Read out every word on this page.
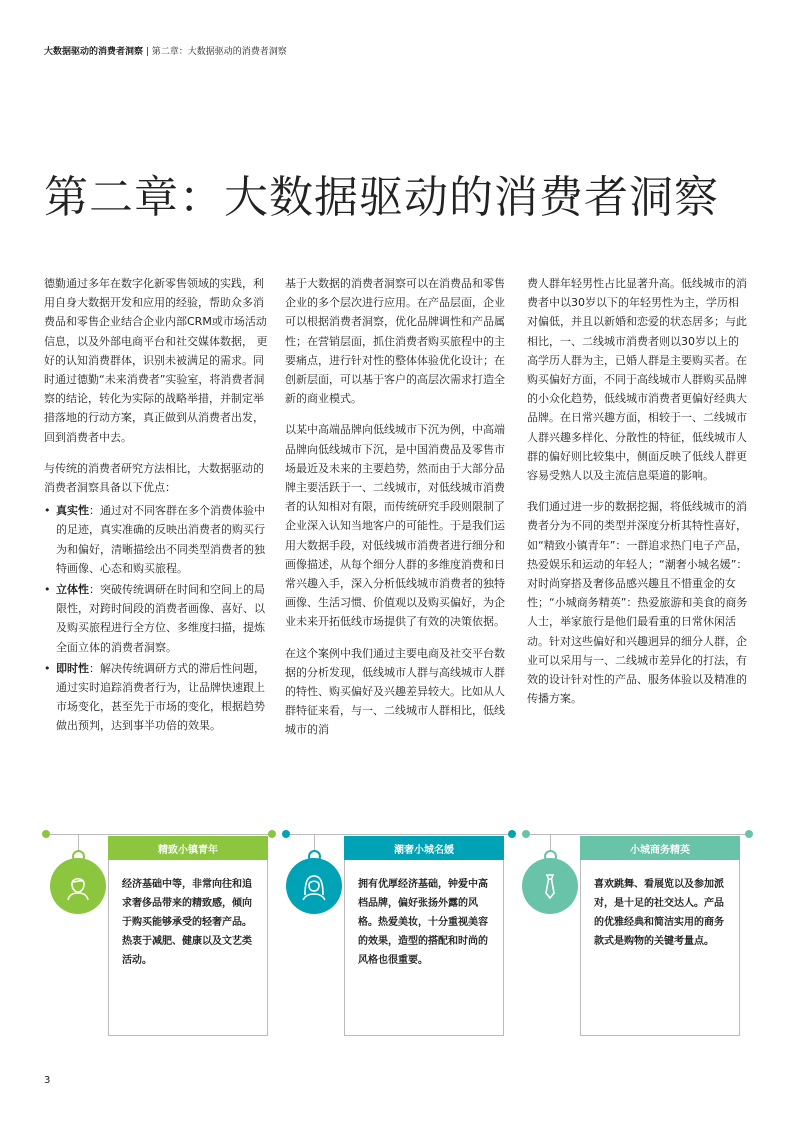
大数据驱动的消费者洞察 | 第二章：大数据驱动的消费者洞察
第二章：大数据驱动的消费者洞察

德勤通过多年在数字化新零售领域的实践，利用自身大数据开发和应用的经验，帮助众多消费品和零售企业结合企业内部CRM或市场活动信息，以及外部电商平台和社交媒体数据， 更好的认知消费群体，识别未被满足的需求。同时通过德勤“未来消费者”实验室，将消费者洞察的结论，转化为实际的战略举措，并制定举措落地的行动方案，真正做到从消费者出发，回到消费者中去。

与传统的消费者研究方法相比，大数据驱动的消费者洞察具备以下优点：

• 真实性：通过对不同客群在多个消费体验中的足迹，真实准确的反映出消费者的购买行为和偏好，清晰描绘出不同类型消费者的独特画像、心态和购买旅程。
• 立体性：突破传统调研在时间和空间上的局限性，对跨时间段的消费者画像、喜好、以及购买旅程进行全方位、多维度扫描，提炼全面立体的消费者洞察。
• 即时性：解决传统调研方式的滞后性问题，通过实时追踪消费者行为，让品牌快速跟上市场变化，甚至先于市场的变化，根据趋势做出预判，达到事半功倍的效果。

基于大数据的消费者洞察可以在消费品和零售企业的多个层次进行应用。在产品层面，企业可以根据消费者洞察，优化品牌调性和产品属性；在营销层面，抓住消费者购买旅程中的主要痛点，进行针对性的整体体验优化设计；在创新层面，可以基于客户的高层次需求打造全新的商业模式。

以某中高端品牌向低线城市下沉为例，中高端品牌向低线城市下沉，是中国消费品及零售市场最近及未来的主要趋势，然而由于大部分品牌主要活跃于一、二线城市，对低线城市消费者的认知相对有限，而传统研究手段则限制了企业深入认知当地客户的可能性。于是我们运用大数据手段，对低线城市消费者进行细分和画像描述，从每个细分人群的多维度消费和日常兴趣入手，深入分析低线城市消费者的独特画像、生活习惯、价值观以及购买偏好，为企业未来开拓低线市场提供了有效的决策依据。

在这个案例中我们通过主要电商及社交平台数据的分析发现，低线城市人群与高线城市人群的特性、购买偏好及兴趣差异较大。比如从人群特征来看，与一、二线城市人群相比，低线城市的消

费人群年轻男性占比显著升高。低线城市的消费者中以30岁以下的年轻男性为主，学历相对偏低，并且以新婚和恋爱的状态居多；与此相比，一、二线城市消费者则以30岁以上的高学历人群为主，已婚人群是主要购买者。在购买偏好方面，不同于高线城市人群购买品牌的小众化趋势，低线城市消费者更偏好经典大品牌。在日常兴趣方面，相较于一、二线城市人群兴趣多样化、分散性的特征，低线城市人群的偏好则比较集中，侧面反映了低线人群更容易受熟人以及主流信息渠道的影响。

我们通过进一步的数据挖掘，将低线城市的消费者分为不同的类型并深度分析其特性喜好，如“精致小镇青年”：一群追求热门电子产品，热爱娱乐和运动的年轻人；“潮奢小城名媛”：对时尚穿搭及奢侈品感兴趣且不惜重金的女性；“小城商务精英”：热爱旅游和美食的商务人士，举家旅行是他们最看重的日常休闲活动。针对这些偏好和兴趣迥异的细分人群，企业可以采用与一、二线城市差异化的打法，有效的设计针对性的产品、服务体验以及精准的传播方案。

精致小镇青年
经济基础中等，非常向往和追求奢侈品带来的精致感，倾向于购买能够承受的轻奢产品。热衷于减肥、健康以及文艺类活动。
潮奢小城名媛
拥有优厚经济基础，钟爱中高档品牌，偏好张扬外露的风格。热爱美妆，十分重视美容的效果，造型的搭配和时尚的风格也很重要。
小城商务精英
喜欢跳舞、看展览以及参加派对，是十足的社交达人。产品的优雅经典和简洁实用的商务款式是购物的关键考量点。
3
